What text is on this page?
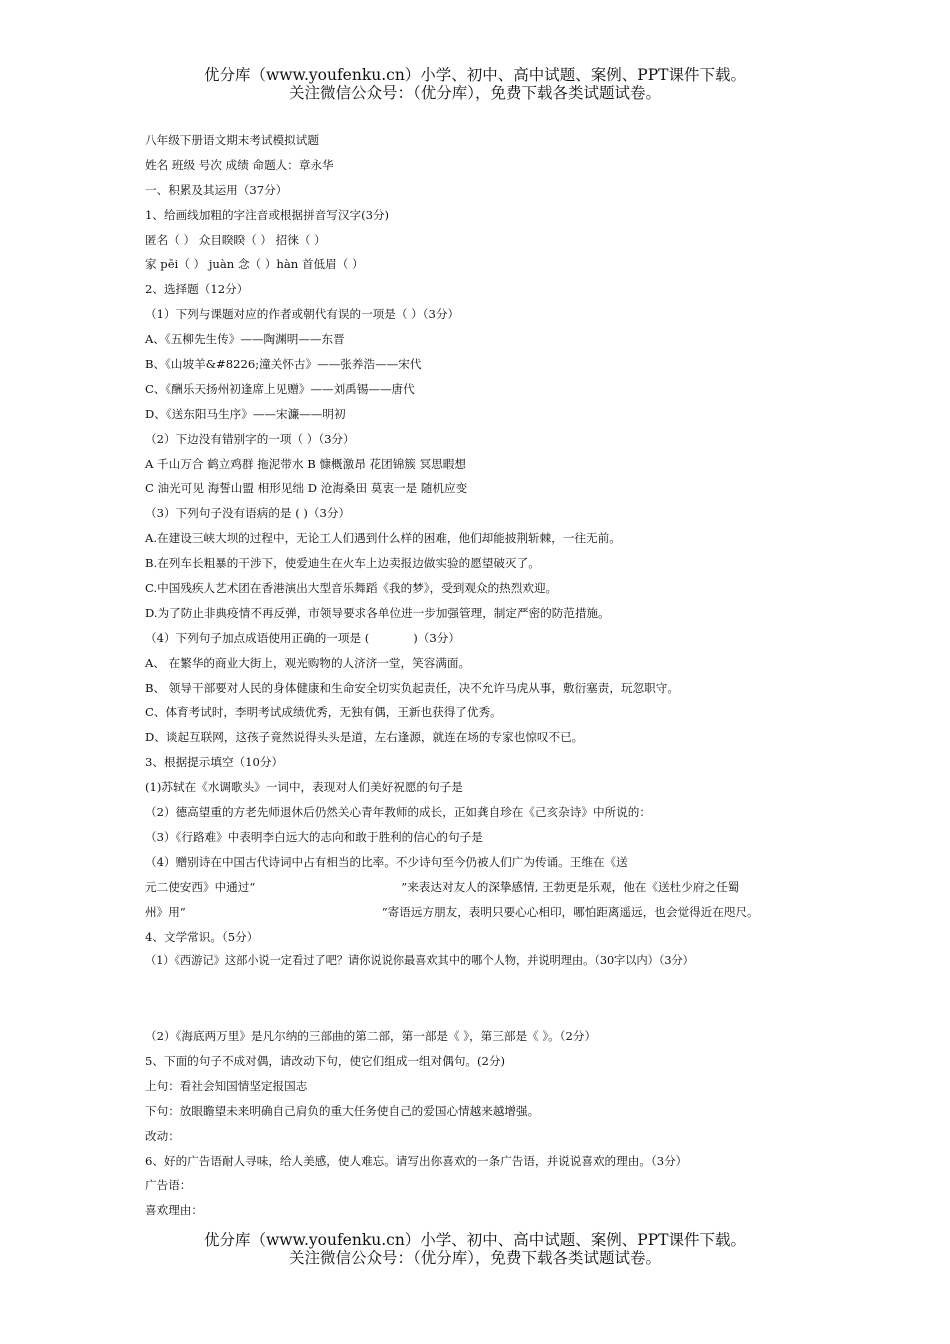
优分库（www.youfenku.cn）小学、初中、高中试题、案例、PPT课件下载。
关注微信公众号：（优分库），免费下载各类试题试卷。
八年级下册语文期末考试模拟试题
姓名 班级 号次 成绩 命题人：章永华
一、积累及其运用（37分）
1、给画线加粗的字注音或根据拼音写汉字(3分)
匿名（ ） 众目睽睽（ ） 招徕（ ）
家 pēi（ ） juàn 念（ ）hàn 首低眉（ ）
2、选择题（12分）
（1）下列与课题对应的作者或朝代有误的一项是（ ）（3分）
A、《五柳先生传》——陶渊明——东晋
B、《山坡羊&#8226;潼关怀古》——张养浩——宋代
C、《酬乐天扬州初逢席上见赠》——刘禹锡——唐代
D、《送东阳马生序》——宋濂——明初
（2）下边没有错别字的一项（ ）（3分）
A 千山万合 鹤立鸡群 拖泥带水 B 慷概激昂 花团锦簇 冥思暇想
C 油光可见 海誓山盟 相形见绌 D 沧海桑田 莫衷一是 随机应变
（3）下列句子没有语病的是 ( )（3分）
A.在建设三峡大坝的过程中，无论工人们遇到什么样的困难，他们却能披荆斩棘，一往无前。
B.在列车长粗暴的干涉下，使爱迪生在火车上边卖报边做实验的愿望破灭了。
C.中国残疾人艺术团在香港演出大型音乐舞蹈《我的梦》，受到观众的热烈欢迎。
D.为了防止非典疫情不再反弹，市领导要求各单位进一步加强管理，制定严密的防范措施。
（4）下列句子加点成语使用正确的一项是 (	)（3分）
A、 在繁华的商业大街上，观光购物的人济济一堂，笑容满面。
B、 领导干部要对人民的身体健康和生命安全切实负起责任，决不允许马虎从事，敷衍塞责，玩忽职守。
C、体育考试时，李明考试成绩优秀，无独有偶，王新也获得了优秀。
D、谈起互联网，这孩子竟然说得头头是道，左右逢源，就连在场的专家也惊叹不已。
3、根据提示填空（10分）
(1)苏轼在《水调歌头》一词中，表现对人们美好祝愿的句子是
（2）德高望重的方老先师退休后仍然关心青年教师的成长，正如龚自珍在《己亥杂诗》中所说的：
（3）《行路难》中表明李白远大的志向和敢于胜利的信心的句子是
（4）赠别诗在中国古代诗词中占有相当的比率。不少诗句至今仍被人们广为传诵。王维在《送
元二使安西》中通过“	”来表达对友人的深挚感情, 王勃更是乐观，他在《送杜少府之任蜀
州》用“	”寄语远方朋友，表明只要心心相印，哪怕距离遥远，也会觉得近在咫尺。
4、文学常识。（5分）
（1）《西游记》这部小说一定看过了吧？请你说说你最喜欢其中的哪个人物，并说明理由。（30字以内）（3分）
（2）《海底两万里》是凡尔纳的三部曲的第二部，第一部是《 》，第三部是《 》。（2分）
5、下面的句子不成对偶，请改动下句，使它们组成一组对偶句。(2分)
上句：看社会知国情坚定报国志
下句：放眼瞻望未来明确自己肩负的重大任务使自己的爱国心情越来越增强。
改动：
6、好的广告语耐人寻味，给人美感，使人难忘。请写出你喜欢的一条广告语，并说说喜欢的理由。（3分）
广告语：
喜欢理由：
优分库（www.youfenku.cn）小学、初中、高中试题、案例、PPT课件下载。
关注微信公众号：（优分库），免费下载各类试题试卷。
